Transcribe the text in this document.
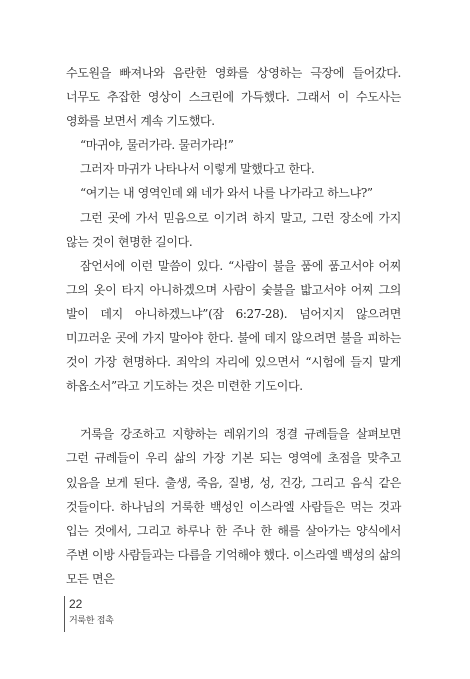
수도원을 빠져나와 음란한 영화를 상영하는 극장에 들어갔다. 너무도 추잡한 영상이 스크린에 가득했다. 그래서 이 수도사는 영화를 보면서 계속 기도했다.

“마귀야, 물러가라. 물러가라!”

그러자 마귀가 나타나서 이렇게 말했다고 한다.

“여기는 내 영역인데 왜 네가 와서 나를 나가라고 하느냐?”

그런 곳에 가서 믿음으로 이기려 하지 말고, 그런 장소에 가지 않는 것이 현명한 길이다.

잠언서에 이런 말씀이 있다. “사람이 불을 품에 품고서야 어찌 그의 옷이 타지 아니하겠으며 사람이 숯불을 밟고서야 어찌 그의 발이 데지 아니하겠느냐”(잠 6:27-28). 넘어지지 않으려면 미끄러운 곳에 가지 말아야 한다. 불에 데지 않으려면 불을 피하는 것이 가장 현명하다. 죄악의 자리에 있으면서 “시험에 들지 말게 하옵소서”라고 기도하는 것은 미련한 기도이다.

거룩을 강조하고 지향하는 레위기의 정결 규례들을 살펴보면 그런 규례들이 우리 삶의 가장 기본 되는 영역에 초점을 맞추고 있음을 보게 된다. 출생, 죽음, 질병, 성, 건강, 그리고 음식 같은 것들이다. 하나님의 거룩한 백성인 이스라엘 사람들은 먹는 것과 입는 것에서, 그리고 하루나 한 주나 한 해를 살아가는 양식에서 주변 이방 사람들과는 다름을 기억해야 했다. 이스라엘 백성의 삶의 모든 면은

22
거룩한 접촉
